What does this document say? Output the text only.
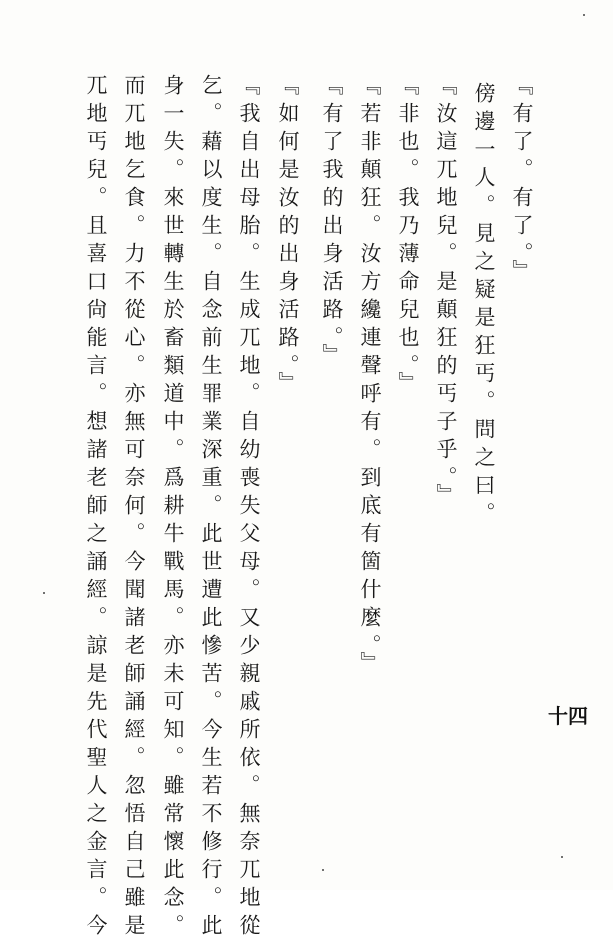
『有了。有了。』
傍邊一人。見之疑是狂丐。問之曰。
『汝這兀地兒。是顛狂的丐子乎。』
『非也。我乃薄命兒也。』
『若非顛狂。汝方纔連聲呼有。到底有箇什麼。』
『有了我的出身活路。』
『如何是汝的出身活路。』
『我自出母胎。生成兀地。自幼喪失父母。又少親戚所依。無奈兀地從
乞。藉以度生。自念前生罪業深重。此世遭此慘苦。今生若不修行。此
身一失。來世轉生於畜類道中。爲耕牛戰馬。亦未可知。雖常懷此念。
而兀地乞食。力不從心。亦無可奈何。今聞諸老師誦經。忽悟自己雖是
兀地丐兒。且喜口尙能言。想諸老師之誦經。諒是先代聖人之金言。今	十四
